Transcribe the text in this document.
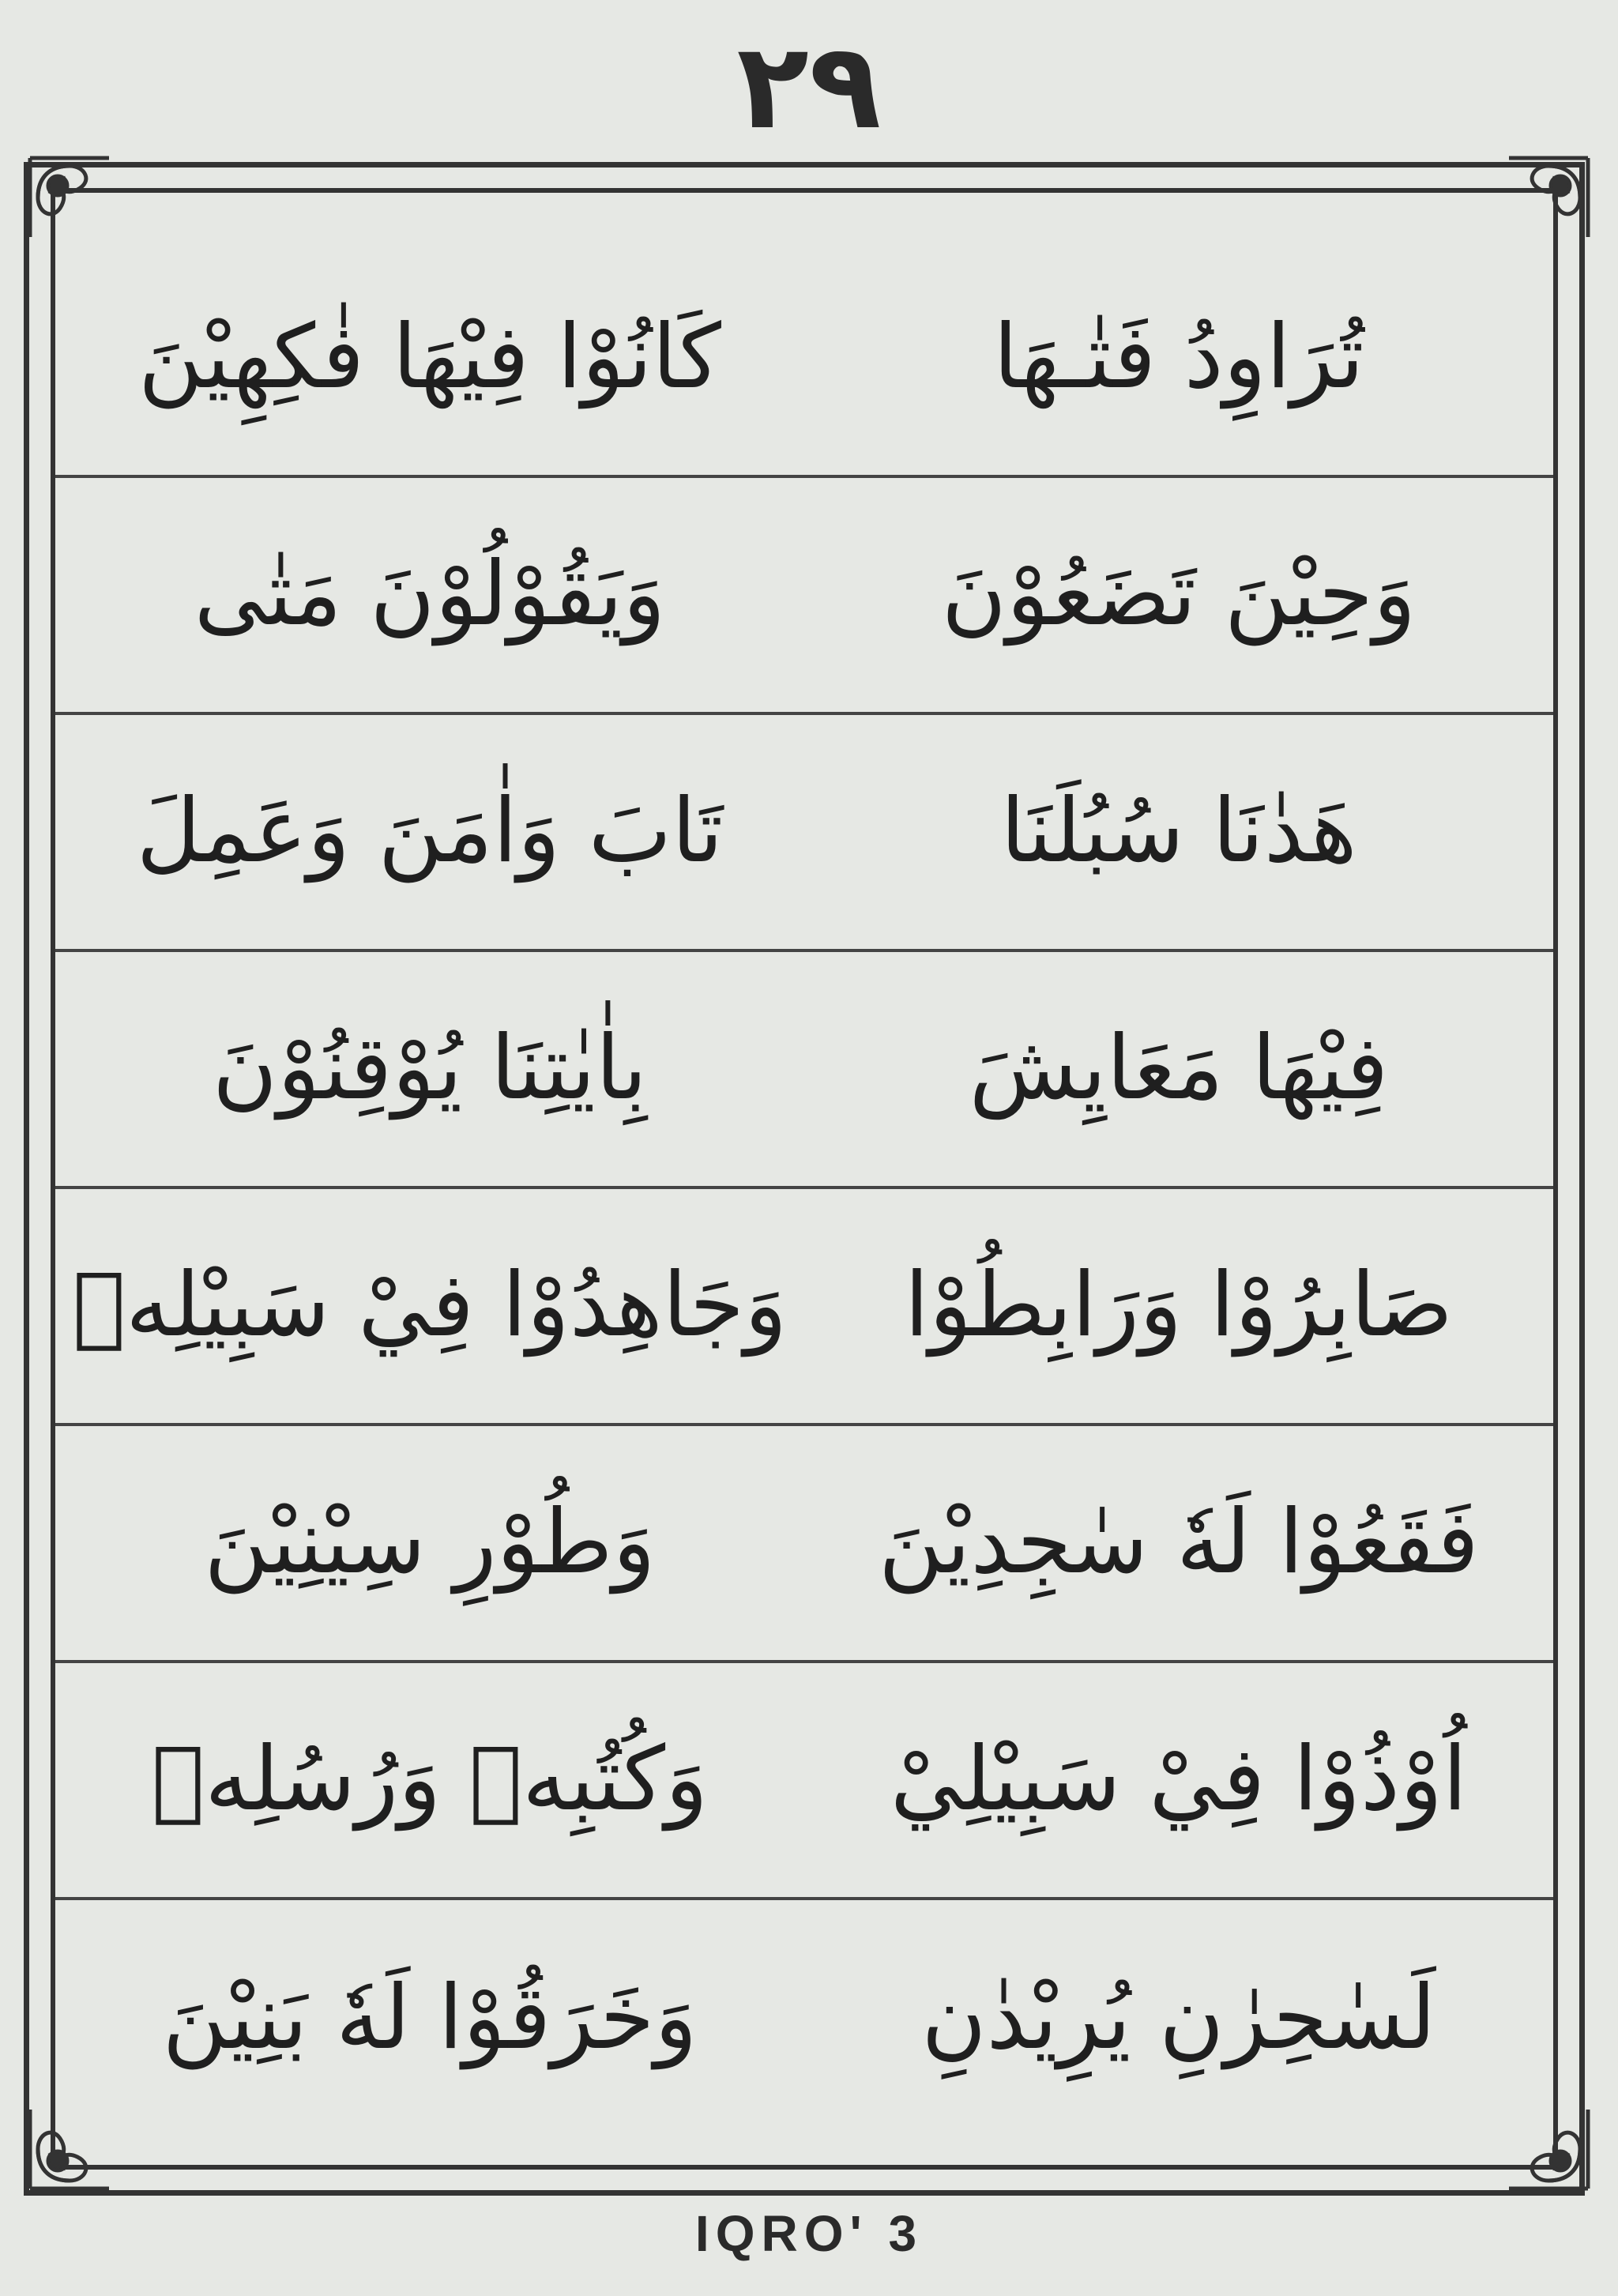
٢٩
تُرَاوِدُ فَتٰـهَا
كَانُوْا فِيْهَا فٰكِهِيْنَ
وَحِيْنَ تَضَعُوْنَ
وَيَقُوْلُوْنَ مَتٰى
هَدٰنَا سُبُلَنَا
تَابَ وَاٰمَنَ وَعَمِلَ
فِيْهَا مَعَايِشَ
بِاٰيٰتِنَا يُوْقِنُوْنَ
صَابِرُوْا وَرَابِطُوْا
وَجَاهِدُوْا فِيْ سَبِيْلِهٖ
فَقَعُوْا لَهٗ سٰجِدِيْنَ
وَطُوْرِ سِيْنِيْنَ
اُوْذُوْا فِيْ سَبِيْلِيْ
وَكُتُبِهٖ وَرُسُلِهٖ
لَسٰحِرٰنِ يُرِيْدٰنِ
وَخَرَقُوْا لَهٗ بَنِيْنَ
IQRO' 3
